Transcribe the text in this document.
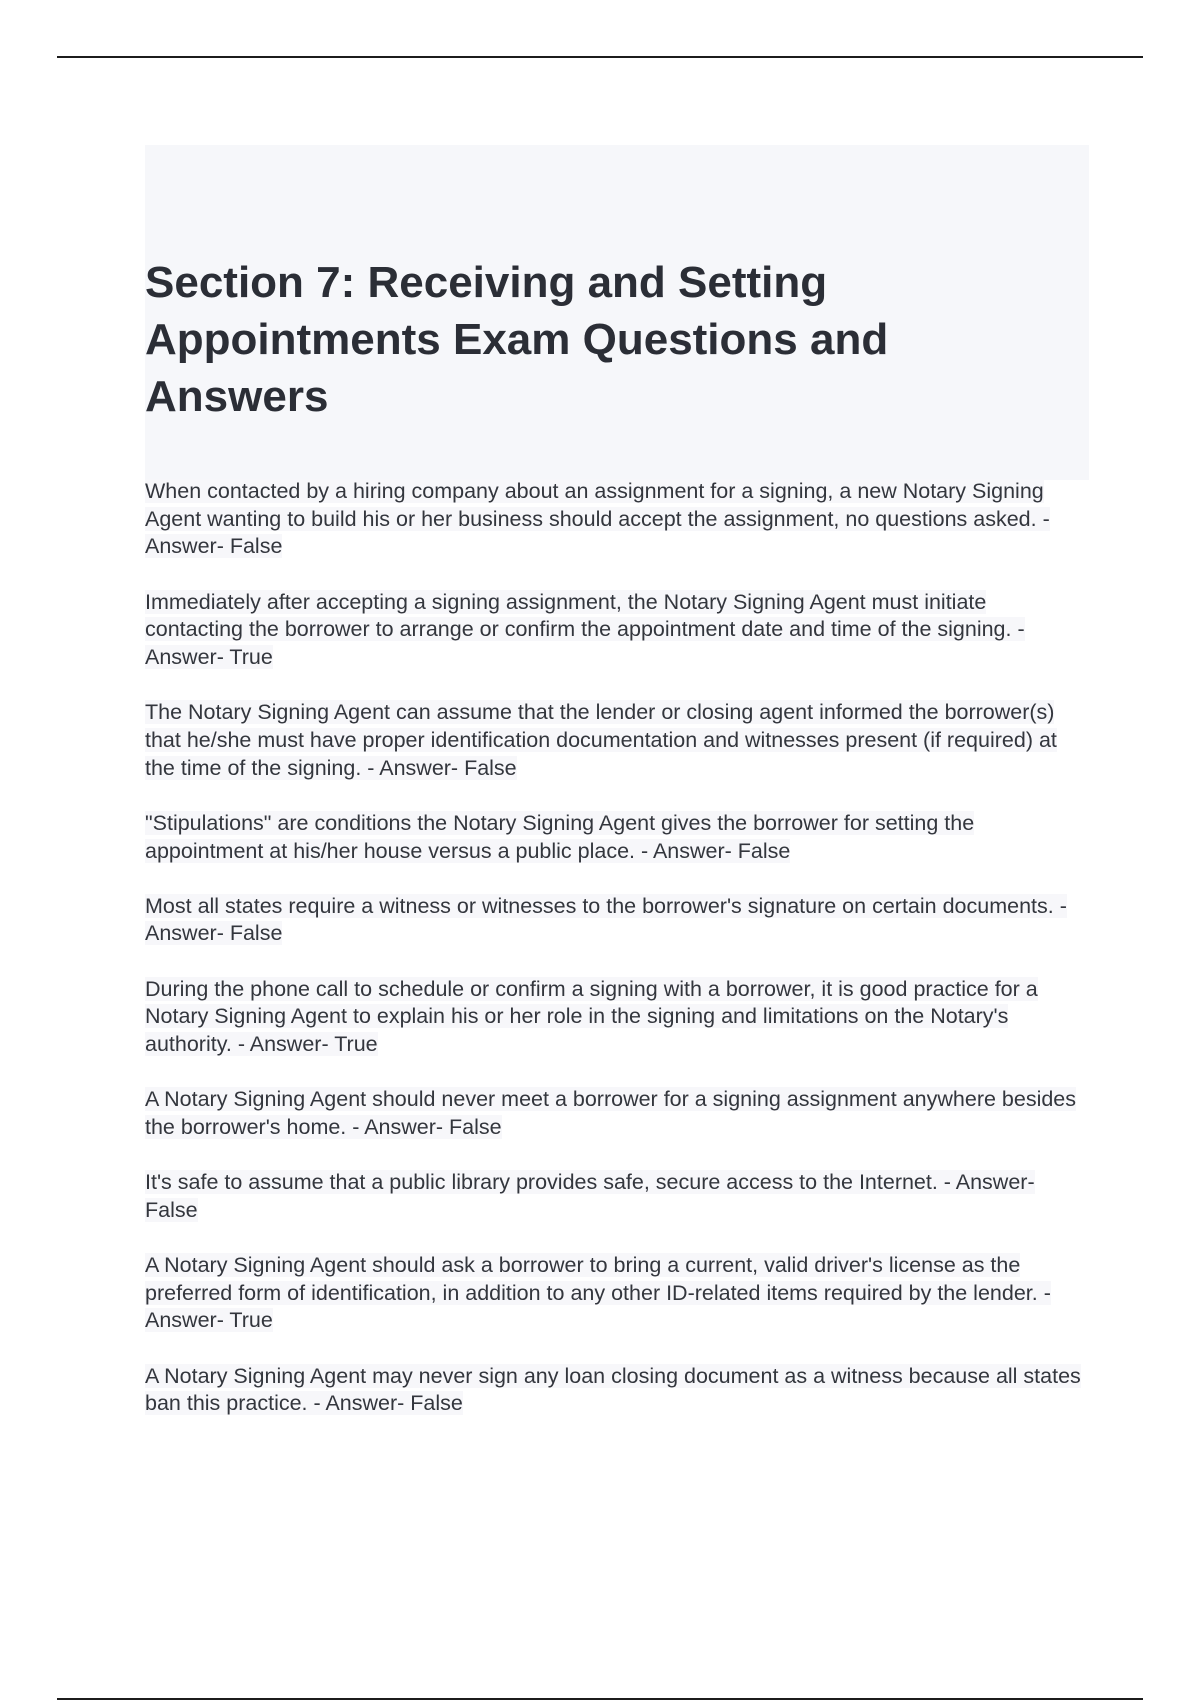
Section 7: Receiving and Setting Appointments Exam Questions and Answers
When contacted by a hiring company about an assignment for a signing, a new Notary Signing Agent wanting to build his or her business should accept the assignment, no questions asked. - Answer- False
Immediately after accepting a signing assignment, the Notary Signing Agent must initiate contacting the borrower to arrange or confirm the appointment date and time of the signing. - Answer- True
The Notary Signing Agent can assume that the lender or closing agent informed the borrower(s) that he/she must have proper identification documentation and witnesses present (if required) at the time of the signing. - Answer- False
"Stipulations" are conditions the Notary Signing Agent gives the borrower for setting the appointment at his/her house versus a public place. - Answer- False
Most all states require a witness or witnesses to the borrower's signature on certain documents. - Answer- False
During the phone call to schedule or confirm a signing with a borrower, it is good practice for a Notary Signing Agent to explain his or her role in the signing and limitations on the Notary's authority. - Answer- True
A Notary Signing Agent should never meet a borrower for a signing assignment anywhere besides the borrower's home. - Answer- False
It's safe to assume that a public library provides safe, secure access to the Internet. - Answer- False
A Notary Signing Agent should ask a borrower to bring a current, valid driver's license as the preferred form of identification, in addition to any other ID-related items required by the lender. - Answer- True
A Notary Signing Agent may never sign any loan closing document as a witness because all states ban this practice. - Answer- False
